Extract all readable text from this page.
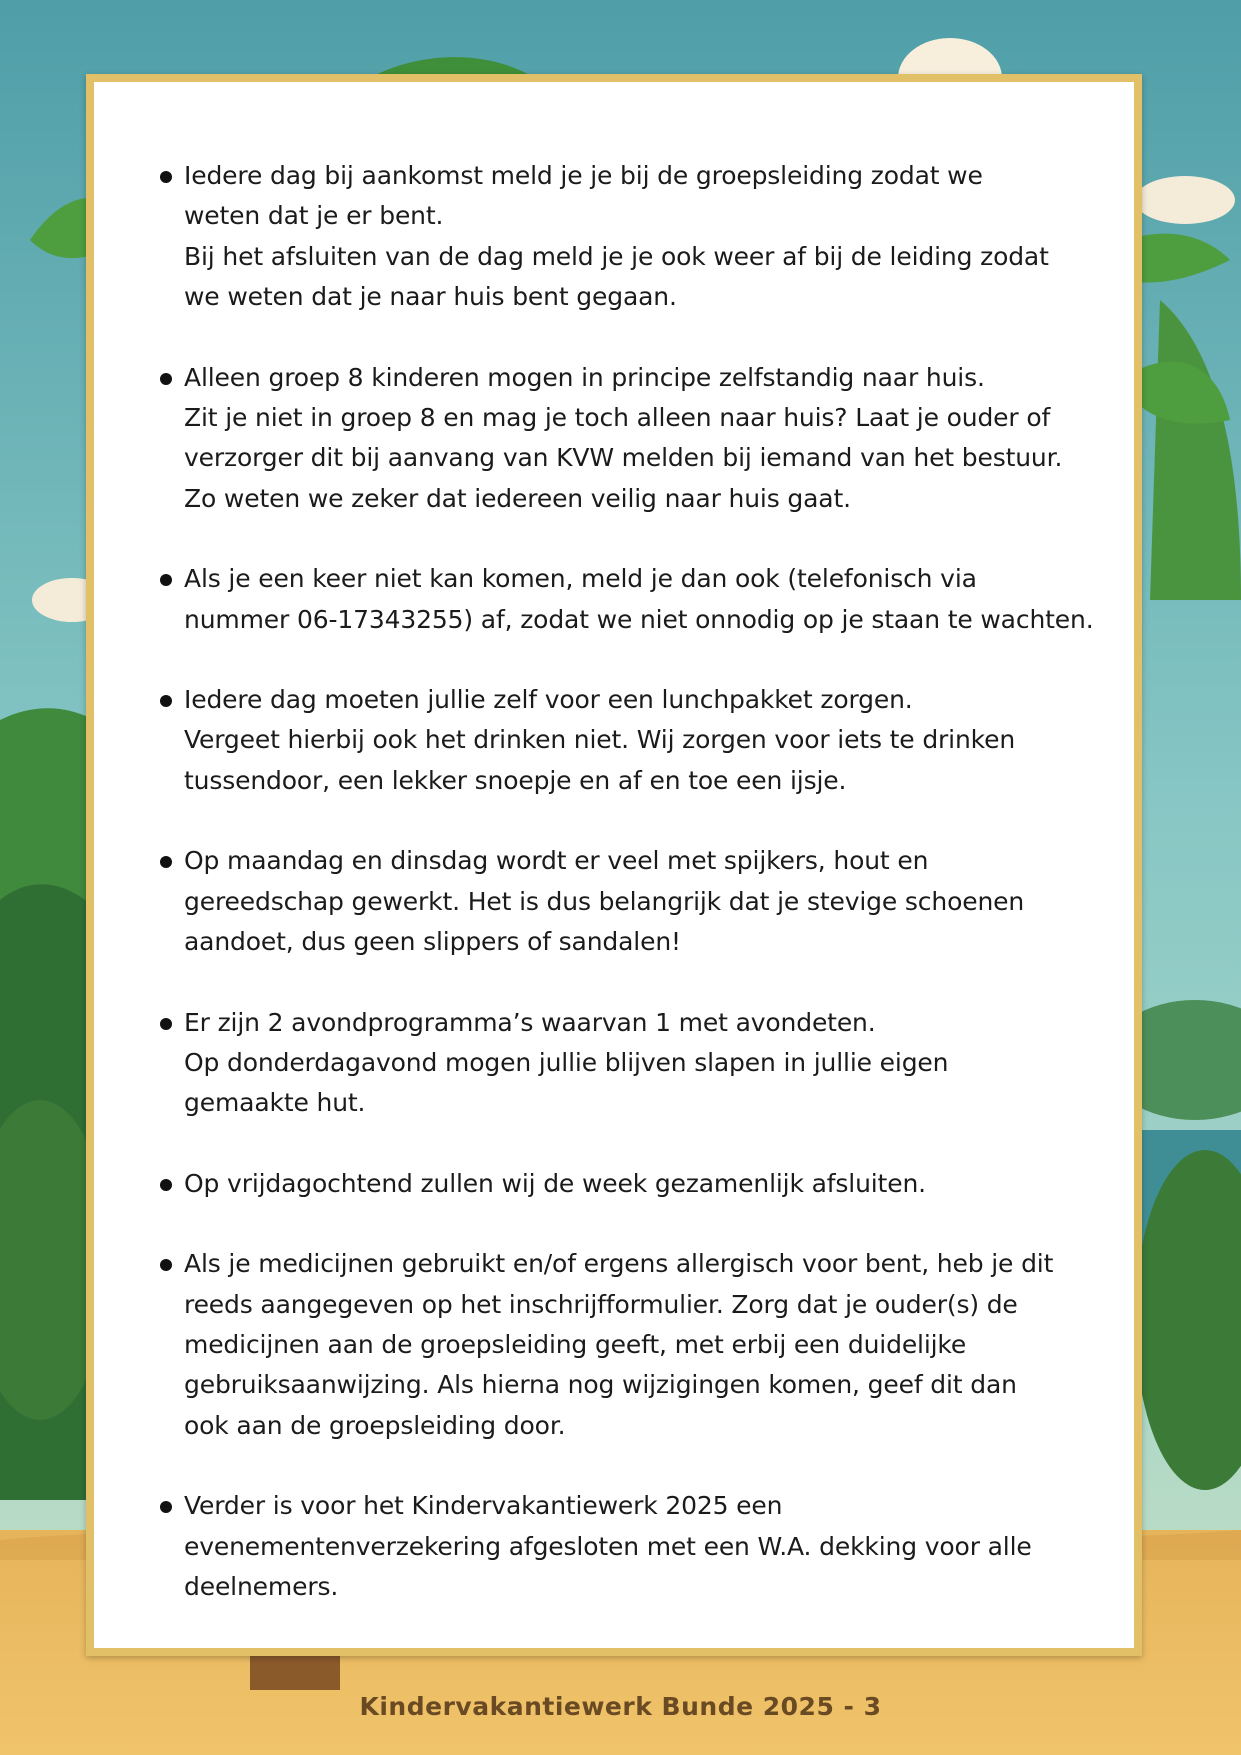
Iedere dag bij aankomst meld je je bij de groepsleiding zodat we
weten dat je er bent.
Bij het afsluiten van de dag meld je je ook weer af bij de leiding zodat
we weten dat je naar huis bent gegaan.
Alleen groep 8 kinderen mogen in principe zelfstandig naar huis.
Zit je niet in groep 8 en mag je toch alleen naar huis? Laat je ouder of
verzorger dit bij aanvang van KVW melden bij iemand van het bestuur.
Zo weten we zeker dat iedereen veilig naar huis gaat.
Als je een keer niet kan komen, meld je dan ook (telefonisch via
nummer 06-17343255) af, zodat we niet onnodig op je staan te wachten.
Iedere dag moeten jullie zelf voor een lunchpakket zorgen.
Vergeet hierbij ook het drinken niet. Wij zorgen voor iets te drinken
tussendoor, een lekker snoepje en af en toe een ijsje.
Op maandag en dinsdag wordt er veel met spijkers, hout en
gereedschap gewerkt. Het is dus belangrijk dat je stevige schoenen
aandoet, dus geen slippers of sandalen!
Er zijn 2 avondprogramma’s waarvan 1 met avondeten.
Op donderdagavond mogen jullie blijven slapen in jullie eigen
gemaakte hut.
Op vrijdagochtend zullen wij de week gezamenlijk afsluiten.
Als je medicijnen gebruikt en/of ergens allergisch voor bent, heb je dit
reeds aangegeven op het inschrijfformulier. Zorg dat je ouder(s) de
medicijnen aan de groepsleiding geeft, met erbij een duidelijke
gebruiksaanwijzing. Als hierna nog wijzigingen komen, geef dit dan
ook aan de groepsleiding door.
Verder is voor het Kindervakantiewerk 2025 een
evenementenverzekering afgesloten met een W.A. dekking voor alle
deelnemers.
Kindervakantiewerk Bunde 2025 - 3
